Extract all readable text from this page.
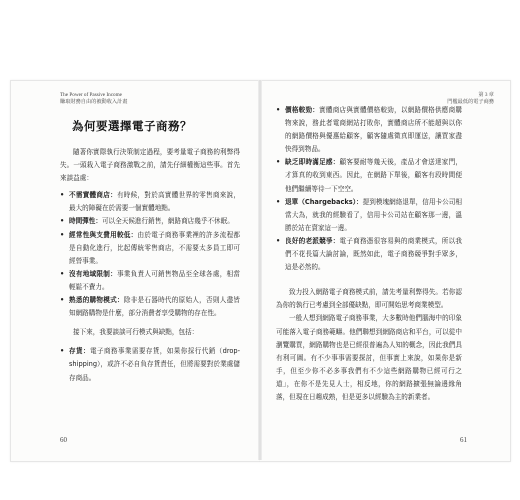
The Power of Passive Income
賺取財務自由的被動收入計畫
第 3 章
門檻最低的電子商務
為何要選擇電子商務？

隨著你實際執行決策制定過程，要考量電子商務的利弊得失。一頭栽入電子商務激戰之前，請先仔細權衡這些事。首先來談益處：

• 不需實體商店：有時候，對於高實體世界的零售商來說，最大的障礙在於需要一個實體地點。
• 時間彈性：可以全天候進行銷售，網路商店幾乎不休眠。
• 經常性與支費用較低：由於電子商務事業裡的許多流程都是自動化進行，比起傳統零售商店，不需要太多員工即可經營事業。
• 沒有地域限制：事業負責人可銷售物品至全球各處，相當輕鬆不費力。
• 熟悉的購物模式：除非是石器時代的原始人，否則人盡皆知網路購物是什麼，部分消費者享受購物的存在性。

接下來，我要談談可行模式與缺點，包括：

• 存貨：電子商務事業需要存貨，如果你採行代銷（drop-shipping），或許不必自負存貨責任，但將需要對於業處儲存商品。
• 價格較勁：實體商店與實體價格較勁，以網路價格供應商購物來說，務此者電商網站打敗你，實體商店所不能超與以你的網路價格與優惠給顧客，顧客隨處徵真即運送，讓買家盡快得到物品。
• 缺乏即時滿足感：顧客要耐等幾天後，產品才會送達家門，才算真的收到東西。因此，在網路下單後，顧客有段時間便他們繼續等待一下空空。
• 退單（Chargebacks）：提到模塊網絡退單，信用卡公司相當大為，就我的經驗看了，信用卡公司站在顧客那一邊，溫勝於站在賣家這一邊。
• 良好的老派競爭：電子商務憑很容易與的商業模式，所以我們不花長篇大論討論，既然如此，電子商務競爭對手眾多，這是必然的。

致力投入網路電子商務模式前，請先考量利弊得失。若你認為你的執行已考慮到全部優缺點，即可開始思考商業模型。

一般人想到網路電子商務事業，大多數時他們腦海中的印象可能落入電子商務範疇。他們聯想到網路商店和平台，可以從中瀏覽購買，網路購物也是已經很普遍為人知的概念，因此我們具有利可圖。有不少事事需要探討，但事實上來說，如果你是新手，但至少你不必多事我們有不少這些網路購物已經可行之道」，在你不是先見人士，相反地，你的網路擴張無論邊緣角落，但現在日趨成熟，但是更多以經驗為主的新業者。

60	61
